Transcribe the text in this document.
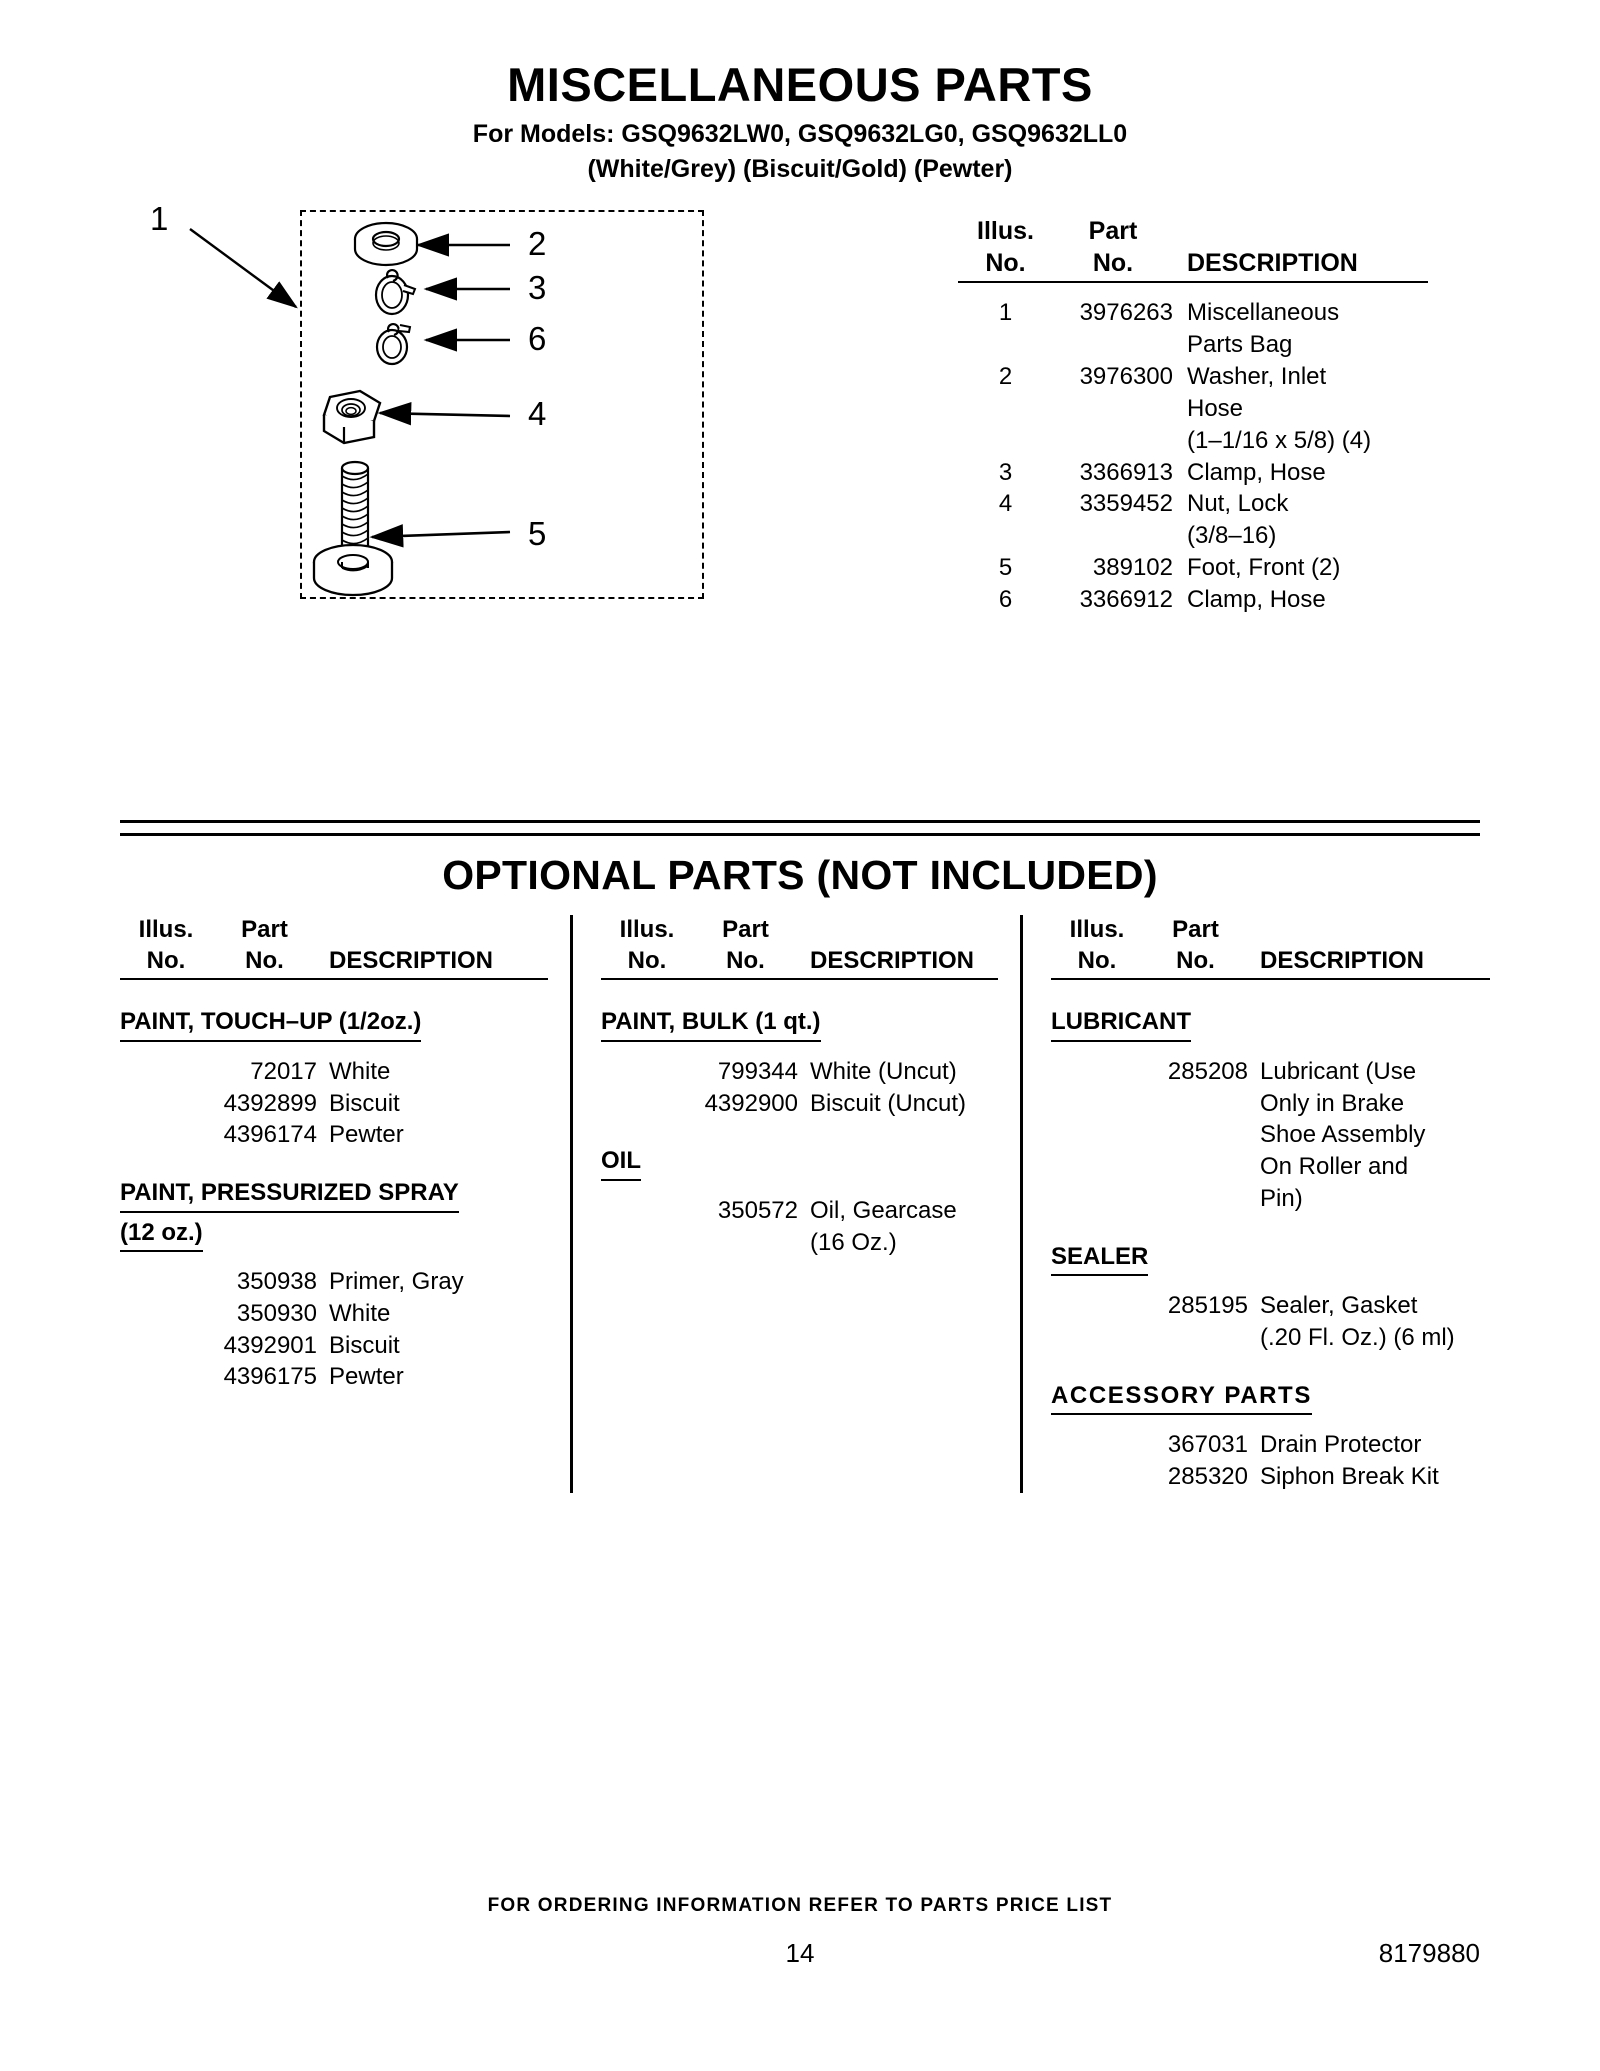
MISCELLANEOUS PARTS
For Models: GSQ9632LW0, GSQ9632LG0, GSQ9632LL0
(White/Grey) (Biscuit/Gold) (Pewter)
1
2
3
6
4
5
Illus.	Part
No.	No.	DESCRIPTION
1	3976263 Miscellaneous
Parts Bag
2	3976300 Washer, Inlet
Hose
(1–1/16 x 5/8) (4)
3	3366913 Clamp, Hose
4	3359452 Nut, Lock
(3/8–16)
5	389102 Foot, Front (2)
6	3366912 Clamp, Hose
OPTIONAL PARTS (NOT INCLUDED)
Illus.	Part
No.	No.	DESCRIPTION
PAINT, TOUCH–UP (1/2oz.)
72017 White
4392899 Biscuit
4396174 Pewter
PAINT, PRESSURIZED SPRAY
(12 oz.)
350938 Primer, Gray
350930 White
4392901 Biscuit
4396175 Pewter
Illus.	Part
No.	No.	DESCRIPTION
PAINT, BULK (1 qt.)
799344 White (Uncut)
4392900 Biscuit (Uncut)
OIL
350572 Oil, Gearcase
(16 Oz.)
Illus.	Part
No.	No.	DESCRIPTION
LUBRICANT
285208 Lubricant (Use
Only in Brake
Shoe Assembly
On Roller and
Pin)
SEALER
285195 Sealer, Gasket
(.20 Fl. Oz.) (6 ml)
ACCESSORY PARTS
367031 Drain Protector
285320 Siphon Break Kit
FOR ORDERING INFORMATION REFER TO PARTS PRICE LIST
14	8179880
